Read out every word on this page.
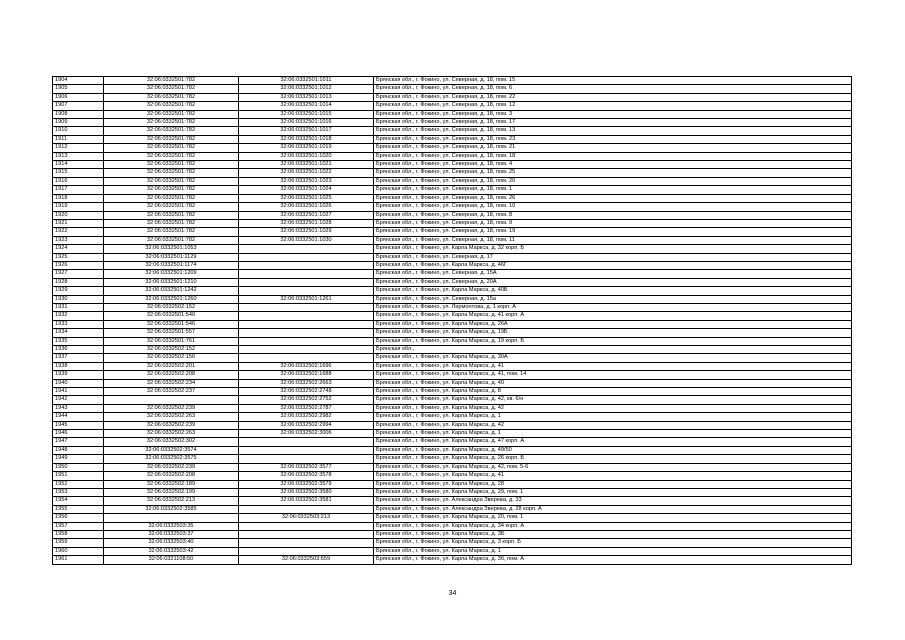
1904	32:06:0332501:782	32:06:0332501:1011	Брянская обл., г. Фокино, ул. Северная, д. 18, пом. 15
1905	32:06:0332501:782	32:06:0332501:1012	Брянская обл., г. Фокино, ул. Северная, д. 18, пом. 6
1906	32:06:0332501:782	32:06:0332501:1013	Брянская обл., г. Фокино, ул. Северная, д. 18, пом. 22
1907	32:06:0332501:782	32:06:0332501:1014	Брянская обл., г. Фокино, ул. Северная, д. 18, пом. 12
1908	32:06:0332501:782	32:06:0332501:1015	Брянская обл., г. Фокино, ул. Северная, д. 18, пом. 3
1909	32:06:0332501:782	32:06:0332501:1016	Брянская обл., г. Фокино, ул. Северная, д. 18, пом. 17
1910	32:06:0332501:782	32:06:0332501:1017	Брянская обл., г. Фокино, ул. Северная, д. 18, пом. 13
1911	32:06:0332501:782	32:06:0332501:1018	Брянская обл., г. Фокино, ул. Северная, д. 18, пом. 23
1912	32:06:0332501:782	32:06:0332501:1019	Брянская обл., г. Фокино, ул. Северная, д. 18, пом. 21
1913	32:06:0332501:782	32:06:0332501:1020	Брянская обл., г. Фокино, ул. Северная, д. 18, пом. 18
1914	32:06:0332501:782	32:06:0332501:1021	Брянская обл., г. Фокино, ул. Северная, д. 18, пом. 4
1915	32:06:0332501:782	32:06:0332501:1022	Брянская обл., г. Фокино, ул. Северная, д. 18, пом. 25
1916	32:06:0332501:782	32:06:0332501:1023	Брянская обл., г. Фокино, ул. Северная, д. 18, пом. 20
1917	32:06:0332501:782	32:06:0332501:1024	Брянская обл., г. Фокино, ул. Северная, д. 18, пом. 1
1918	32:06:0332501:782	32:06:0332501:1025	Брянская обл., г. Фокино, ул. Северная, д. 18, пом. 26
1919	32:06:0332501:782	32:06:0332501:1026	Брянская обл., г. Фокино, ул. Северная, д. 18, пом. 10
1920	32:06:0332501:782	32:06:0332501:1027	Брянская обл., г. Фокино, ул. Северная, д. 18, пом. 8
1921	32:06:0332501:782	32:06:0332501:1028	Брянская обл., г. Фокино, ул. Северная, д. 18, пом. 9
1922	32:06:0332501:782	32:06:0332501:1029	Брянская обл., г. Фокино, ул. Северная, д. 18, пом. 19
1923	32:06:0332501:782	32:06:0332501:1030	Брянская обл., г. Фокино, ул. Северная, д. 18, пом. 11
1924	32:06:0332501:1053		Брянская обл., г. Фокино, ул. Карла Маркса, д. 32 корп. Б
1925	32:06:0332501:1129		Брянская обл., г. Фокино, ул. Северная, д. 17
1926	32:06:0332501:1174		Брянская обл., г. Фокино, ул. Карла Маркса, д. 46Г
1927	32:06:0332501:1209		Брянская обл., г. Фокино, ул. Северная, д. 15А
1928	32:06:0332501:1210		Брянская обл., г. Фокино, ул. Северная, д. 20А
1929	32:06:0332501:1242		Брянская обл., г. Фокино, ул. Карла Маркса, д. 40Б
1930	32:06:0332501:1260	32:06:0332501:1261	Брянская обл., г. Фокино, ул. Северная, д. 15а
1931	32:06:0332502:152		Брянская обл., г. Фокино, ул. Лермонтова, д. 1 корп. А
1932	32:06:0332501:540		Брянская обл., г. Фокино, ул. Карла Маркса, д. 41 корп. А
1933	32:06:0332501:546		Брянская обл., г. Фокино, ул. Карла Маркса, д. 26А
1934	32:06:0332501:557		Брянская обл., г. Фокино, ул. Карла Маркса, д. 19Б
1935	32:06:0332501:761		Брянская обл., г. Фокино, ул. Карла Маркса, д. 19 корп. Б
1936	32:06:0332502:152		Брянская обл.,
1937	32:06:0332502:156		Брянская обл., г. Фокино, ул. Карла Маркса, д. 30А
1938	32:06:0332502:201	32:06:0332502:1696	Брянская обл., г. Фокино, ул. Карла Маркса, д. 41
1939	32:06:0332502:208	32:06:0332502:1688	Брянская обл., г. Фокино, ул. Карла Маркса, д. 41, пом. 14
1940	32:06:0332502:234	32:06:0332502:2663	Брянская обл., г. Фокино, ул. Карла Маркса, д. 40
1941	32:06:0332502:237	32:06:0332502:2748	Брянская обл., г. Фокино, ул. Карла Маркса, д. 8
1942		32:06:0332502:2752	Брянская обл., г. Фокино, ул. Карла Маркса, д. 42, кв. 6/н
1943	32:06:0332502:239	32:06:0332502:2787	Брянская обл., г. Фокино, ул. Карла Маркса, д. 42
1944	32:06:0332502:263	32:06:0332502:2982	Брянская обл., г. Фокино, ул. Карла Маркса, д. 1
1945	32:06:0332502:239	32:06:0332502:2994	Брянская обл., г. Фокино, ул. Карла Маркса, д. 42
1946	32:06:0332502:263	32:06:0332502:3006	Брянская обл., г. Фокино, ул. Карла Маркса, д. 1
1947	32:06:0332502:302		Брянская обл., г. Фокино, ул. Карла Маркса, д. 47 корп. А
1948	32:06:0332502:3574		Брянская обл., г. Фокино, ул. Карла Маркса, д. 49/50
1949	32:06:0332502:3575		Брянская обл., г. Фокино, ул. Карла Маркса, д. 26 корп. Б
1950	32:06:0332502:239	32:06:0332502:3577	Брянская обл., г. Фокино, ул. Карла Маркса, д. 42, пом. 5-6
1951	32:06:0332502:208	32:06:0332502:3578	Брянская обл., г. Фокино, ул. Карла Маркса, д. 41
1952	32:06:0332502:189	32:06:0332502:3579	Брянская обл., г. Фокино, ул. Карла Маркса, д. 28
1953	32:06:0332502:199	32:06:0332502:3580	Брянская обл., г. Фокино, ул. Карла Маркса, д. 29, пом. 1
1954	32:06:0332502:213	32:06:0332502:3581	Брянская обл., г. Фокино, ул. Александра Зверева, д. 33
1955	32:06:0332502:3585		Брянская обл., г. Фокино, ул. Александра Зверева, д. 28 корп. А
1956		32:06:0332503:213	Брянская обл., г. Фокино, ул. Карла Маркса, д. 20, пом. 1
1957	32:06:0332503:35		Брянская обл., г. Фокино, ул. Карла Маркса, д. 34 корп. А
1958	32:06:0332503:37		Брянская обл., г. Фокино, ул. Карла Маркса, д. 3Б
1959	32:06:0332503:40		Брянская обл., г. Фокино, ул. Карла Маркса, д. 3 корп. Б
1960	32:06:0332503:42		Брянская обл., г. Фокино, ул. Карла Маркса, д. 1
1961	32:06:0321108:50	32:06:0332503:659	Брянская обл., г. Фокино, ул. Карла Маркса, д. 3б, пом. А
34
